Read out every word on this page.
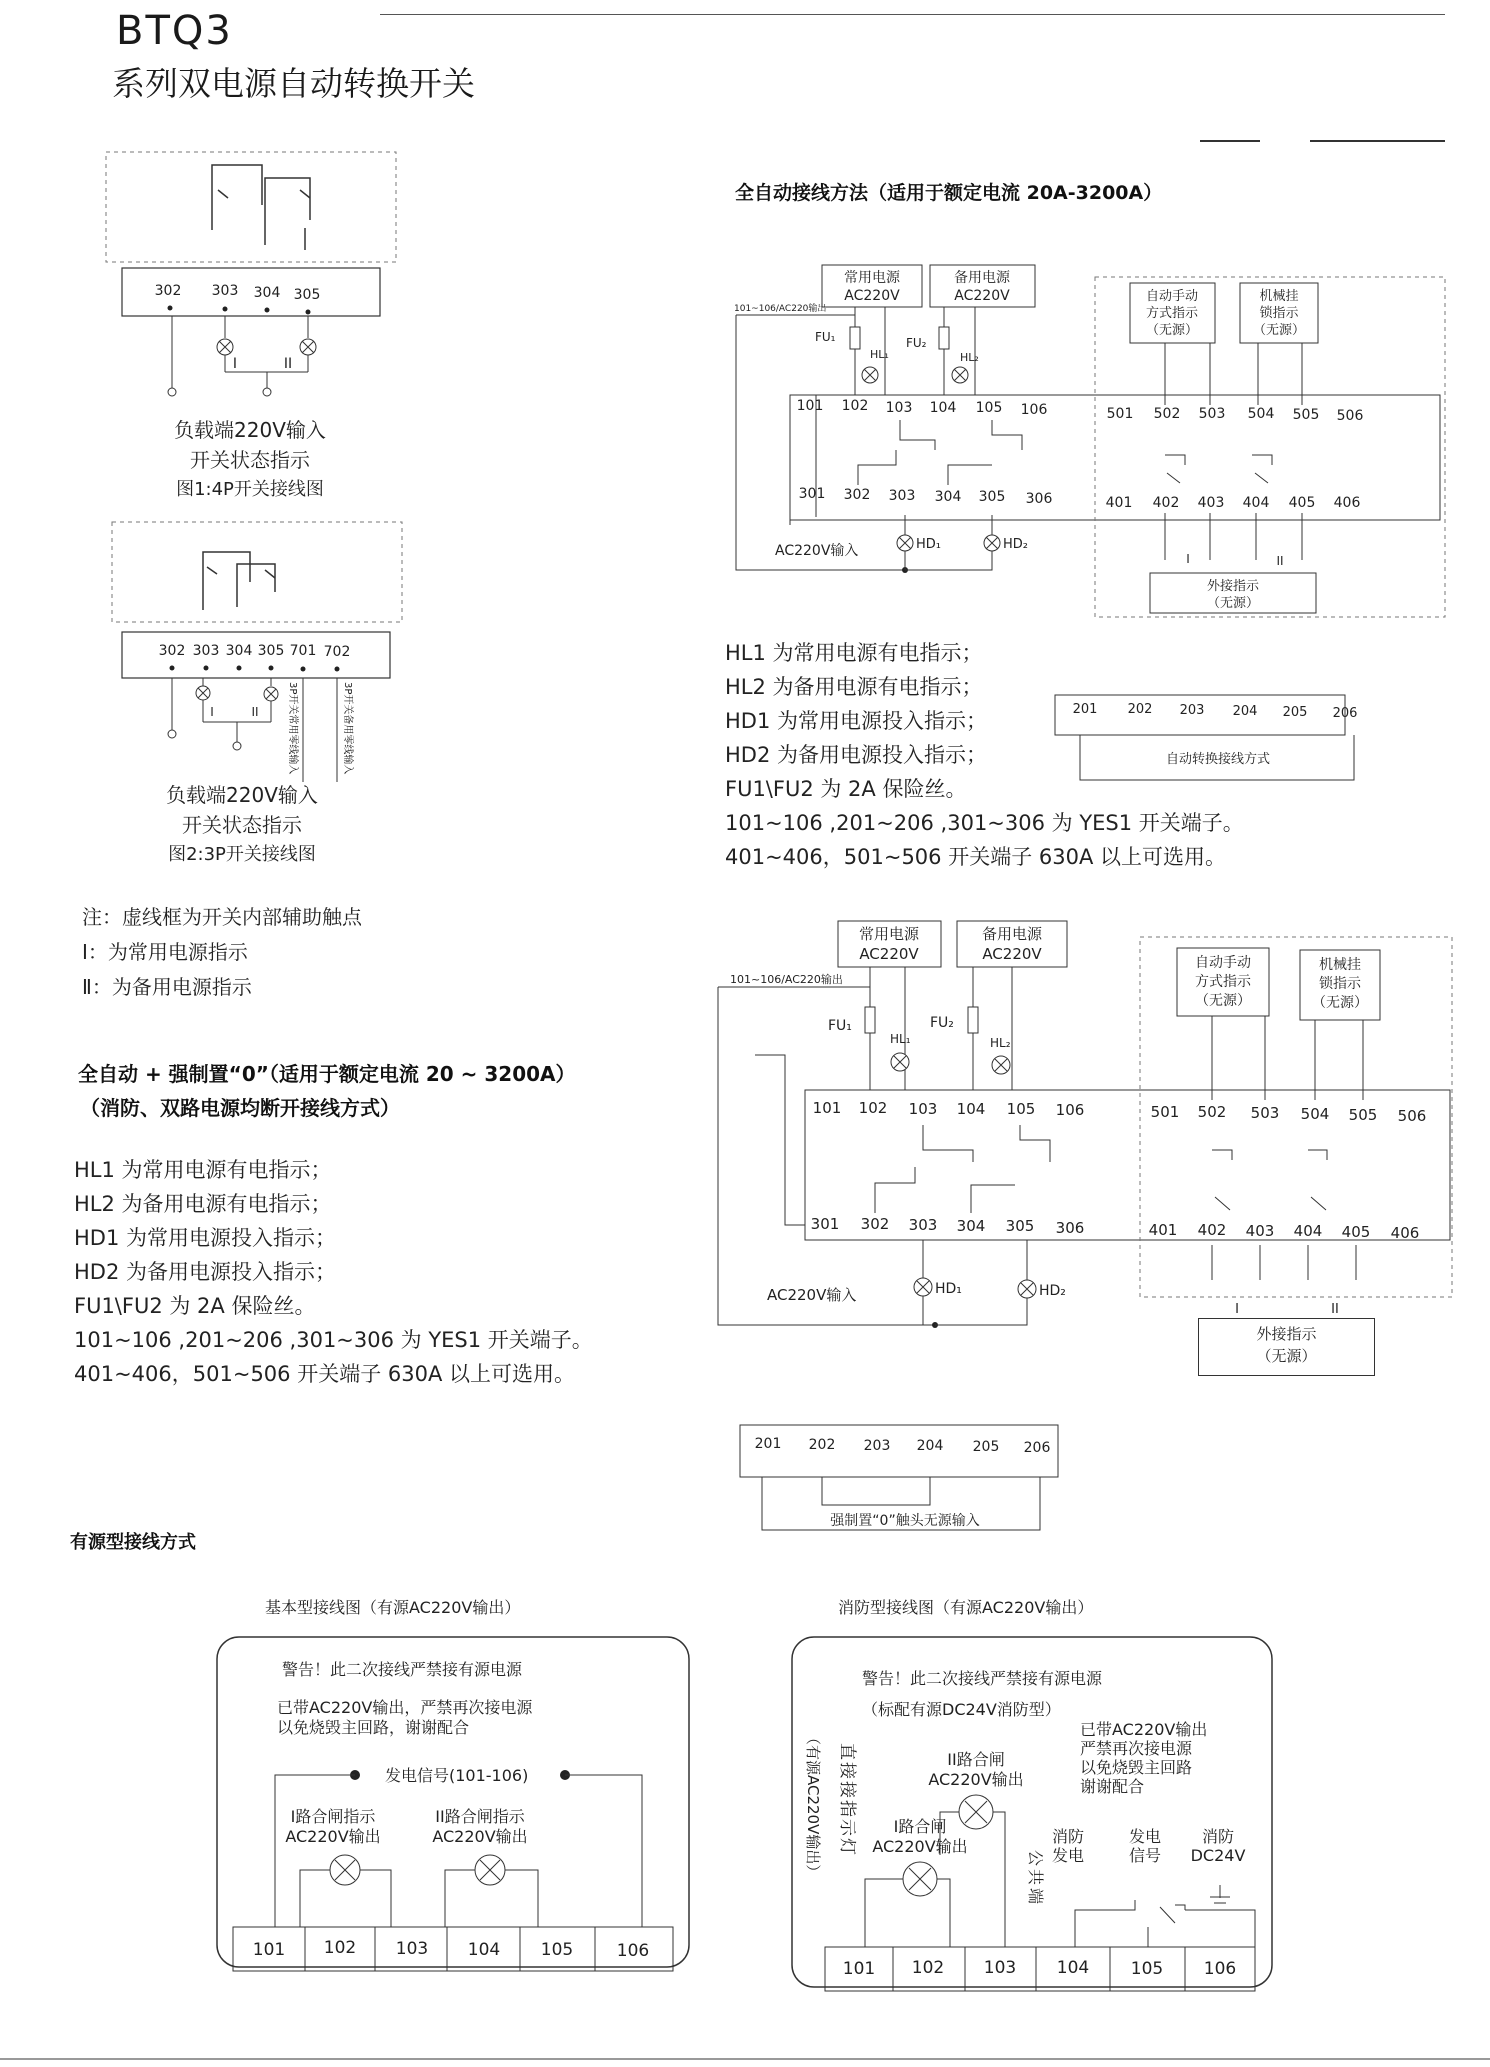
BTQ3
系列双电源自动转换开关
302 303 304 305
I	II
负载端220V输入
开关状态指示
图1:4P开关接线图
302 303 304 305 701 702
I	II	3P开关常用零线输入	3P开关备用零线输入
负载端220V输入
开关状态指示
图2:3P开关接线图
注：虚线框为开关内部辅助触点
Ⅰ：为常用电源指示
Ⅱ：为备用电源指示
全自动 + 强制置“0”（适用于额定电流 20 ~ 3200A）
（消防、双路电源均断开接线方式）
HL1 为常用电源有电指示；
HL2 为备用电源有电指示；
HD1 为常用电源投入指示；
HD2 为备用电源投入指示；
FU1\FU2 为 2A 保险丝。
101~106 ,201~206 ,301~306 为 YES1 开关端子。
401~406，501~506 开关端子 630A 以上可选用。
全自动接线方法（适用于额定电流 20A-3200A）
常用电源
AC220V
备用电源
AC220V
101~106/AC220输出
FU₁	FU₂
HL₁	HL₂
101 102 103 104 105 106	501 502 503 504 505 506
301 302 303 304 305 306	401 402 403 404 405 406
自动手动
方式指示
（无源）
机械挂
锁指示
（无源）
I	II
外接指示
（无源）
AC220V输入	HD₁	HD₂
HL1 为常用电源有电指示；
HL2 为备用电源有电指示；
HD1 为常用电源投入指示；
HD2 为备用电源投入指示；
FU1\FU2 为 2A 保险丝。
101~106 ,201~206 ,301~306 为 YES1 开关端子。
401~406，501~506 开关端子 630A 以上可选用。
201 202 203 204 205 206
自动转换接线方式
常用电源
AC220V
备用电源
AC220V
101~106/AC220输出
FU₁	FU₂
HL₁	HL₂
101 102 103 104 105 106	501 502 503 504 505 506
301 302 303 304 305 306	401 402 403 404 405 406
自动手动
方式指示
（无源）
机械挂
锁指示
（无源）
I	II
AC220V输入	HD₁	HD₂
外接指示
（无源）
201 202 203 204 205 206
强制置“0”触头无源输入
有源型接线方式
基本型接线图（有源AC220V输出）	消防型接线图（有源AC220V输出）
警告！此二次接线严禁接有源电源
已带AC220V输出，严禁再次接电源
以免烧毁主回路，谢谢配合
发电信号(101-106)
I路合闸指示
AC220V输出
II路合闸指示
AC220V输出
101 102 103 104 105	106
警告！此二次接线严禁接有源电源
（标配有源DC24V消防型）
（有源AC220V输出） 直接接指示灯	II路合闸
AC220V输出
I路合闸
AC220V输出
已带AC220V输出
严禁再次接电源
以免烧毁主回路
谢谢配合
公共端
消防
发电
发电
信号
消防
DC24V
101 102 103 104 105 106
